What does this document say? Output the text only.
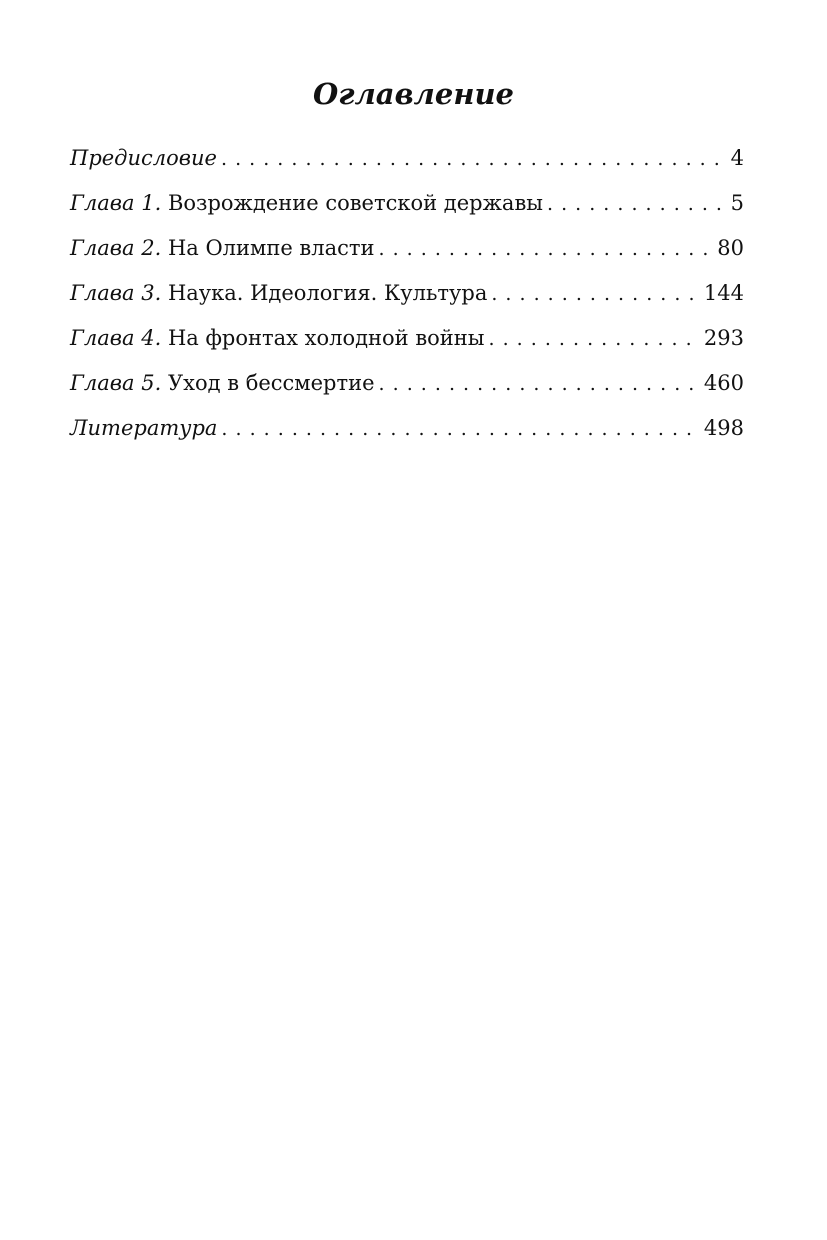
Оглавление
Предисловие . . .	4
Глава 1. Возрождение советской державы . . .	5
Глава 2. На Олимпе власти . . .	80
Глава 3. Наука. Идеология. Культура . . .	144
Глава 4. На фронтах холодной войны . . .	293
Глава 5. Уход в бессмертие . . .	460
Литература . . .	498
